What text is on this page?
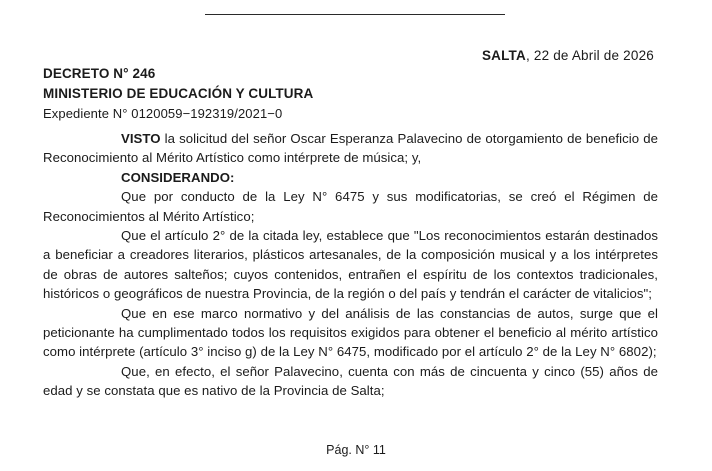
SALTA, 22 de Abril de 2026
DECRETO N° 246
MINISTERIO DE EDUCACIÓN Y CULTURA
Expediente N° 0120059−192319/2021−0

VISTO la solicitud del señor Oscar Esperanza Palavecino de otorgamiento de beneficio de Reconocimiento al Mérito Artístico como intérprete de música; y,

CONSIDERANDO:

Que por conducto de la Ley N° 6475 y sus modificatorias, se creó el Régimen de Reconocimientos al Mérito Artístico;

Que el artículo 2° de la citada ley, establece que "Los reconocimientos estarán destinados a beneficiar a creadores literarios, plásticos artesanales, de la composición musical y a los intérpretes de obras de autores salteños; cuyos contenidos, entrañen el espíritu de los contextos tradicionales, históricos o geográficos de nuestra Provincia, de la región o del país y tendrán el carácter de vitalicios";

Que en ese marco normativo y del análisis de las constancias de autos, surge que el peticionante ha cumplimentado todos los requisitos exigidos para obtener el beneficio al mérito artístico como intérprete (artículo 3° inciso g) de la Ley N° 6475, modificado por el artículo 2° de la Ley N° 6802);

Que, en efecto, el señor Palavecino, cuenta con más de cincuenta y cinco (55) años de edad y se constata que es nativo de la Provincia de Salta;

Pág. N° 11
